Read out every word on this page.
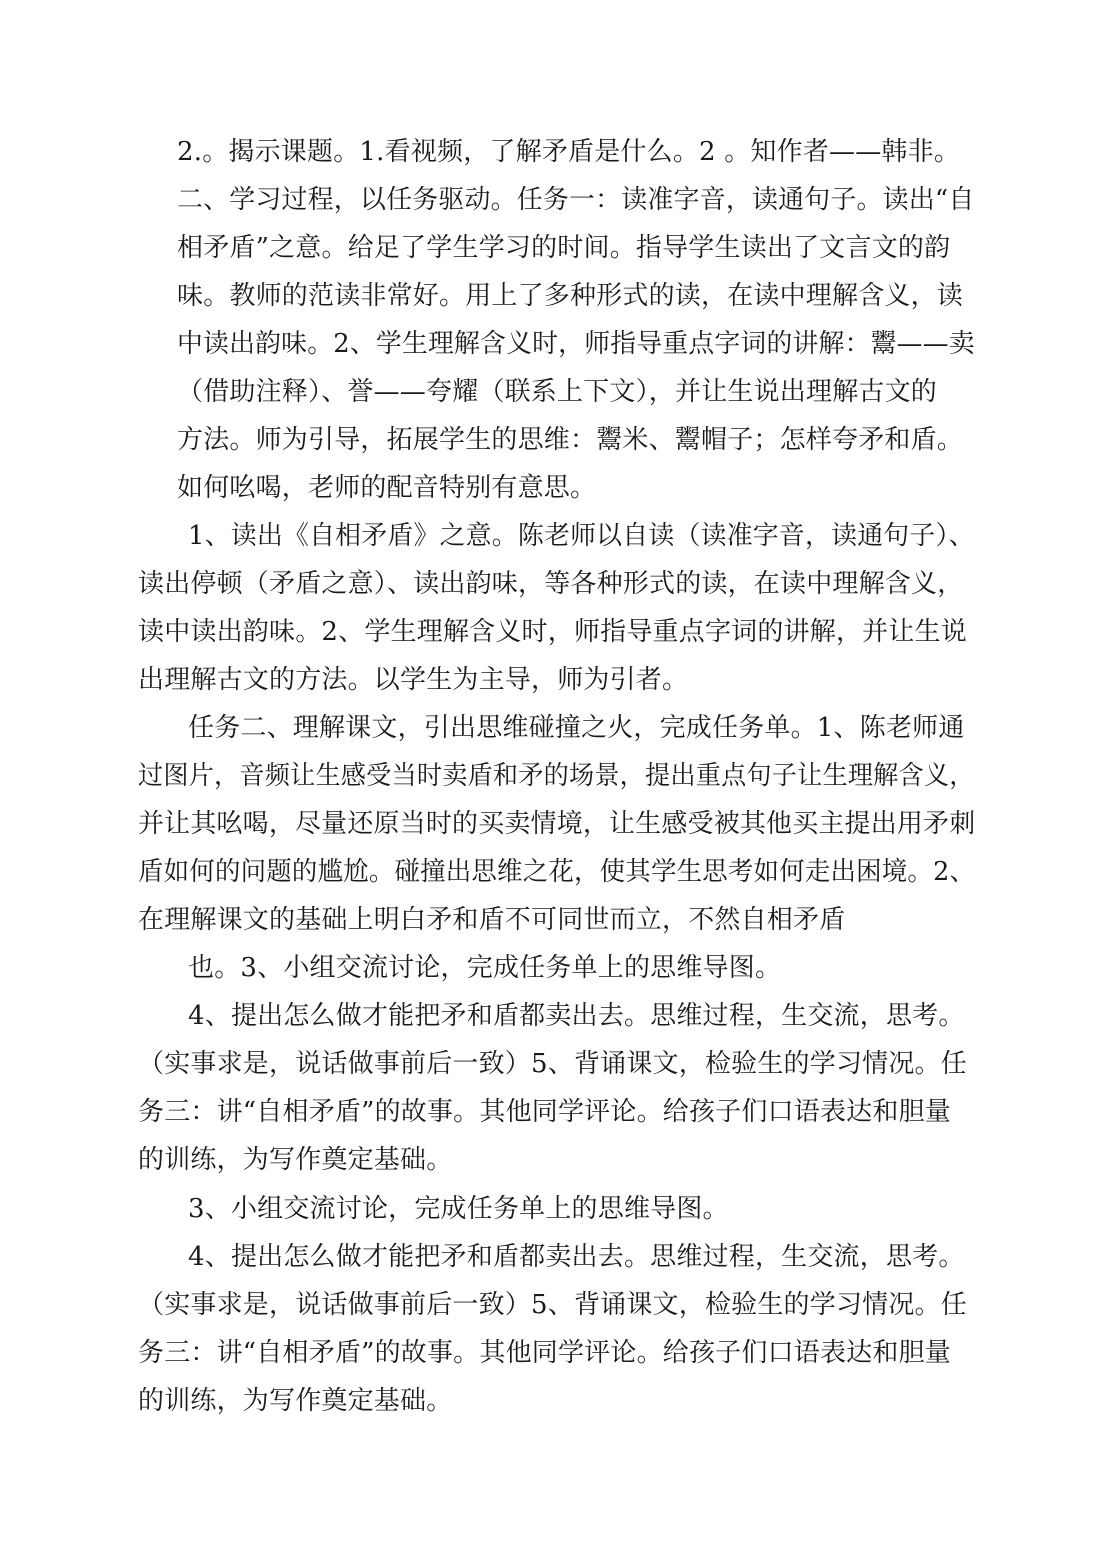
2.。揭示课题。1.看视频，了解矛盾是什么。2 。知作者——韩非。
二、学习过程，以任务驱动。任务一：读准字音，读通句子。读出“自
相矛盾”之意。给足了学生学习的时间。指导学生读出了文言文的韵
味。教师的范读非常好。用上了多种形式的读，在读中理解含义，读
中读出韵味。2、学生理解含义时，师指导重点字词的讲解：鬻——卖
（借助注释）、誉——夸耀（联系上下文），并让生说出理解古文的
方法。师为引导，拓展学生的思维：鬻米、鬻帽子；怎样夸矛和盾。
如何吆喝，老师的配音特别有意思。
1、读出《自相矛盾》之意。陈老师以自读（读准字音，读通句子）、
读出停顿（矛盾之意）、读出韵味，等各种形式的读，在读中理解含义，
读中读出韵味。2、学生理解含义时，师指导重点字词的讲解，并让生说
出理解古文的方法。以学生为主导，师为引者。
任务二、理解课文，引出思维碰撞之火，完成任务单。1、陈老师通
过图片，音频让生感受当时卖盾和矛的场景，提出重点句子让生理解含义，
并让其吆喝，尽量还原当时的买卖情境，让生感受被其他买主提出用矛刺
盾如何的问题的尴尬。碰撞出思维之花，使其学生思考如何走出困境。2、
在理解课文的基础上明白矛和盾不可同世而立，不然自相矛盾
也。3、小组交流讨论，完成任务单上的思维导图。
4、提出怎么做才能把矛和盾都卖出去。思维过程，生交流，思考。
（实事求是，说话做事前后一致）5、背诵课文，检验生的学习情况。任
务三：讲“自相矛盾”的故事。其他同学评论。给孩子们口语表达和胆量
的训练，为写作奠定基础。
3、小组交流讨论，完成任务单上的思维导图。
4、提出怎么做才能把矛和盾都卖出去。思维过程，生交流，思考。
（实事求是，说话做事前后一致）5、背诵课文，检验生的学习情况。任
务三：讲“自相矛盾”的故事。其他同学评论。给孩子们口语表达和胆量
的训练，为写作奠定基础。
